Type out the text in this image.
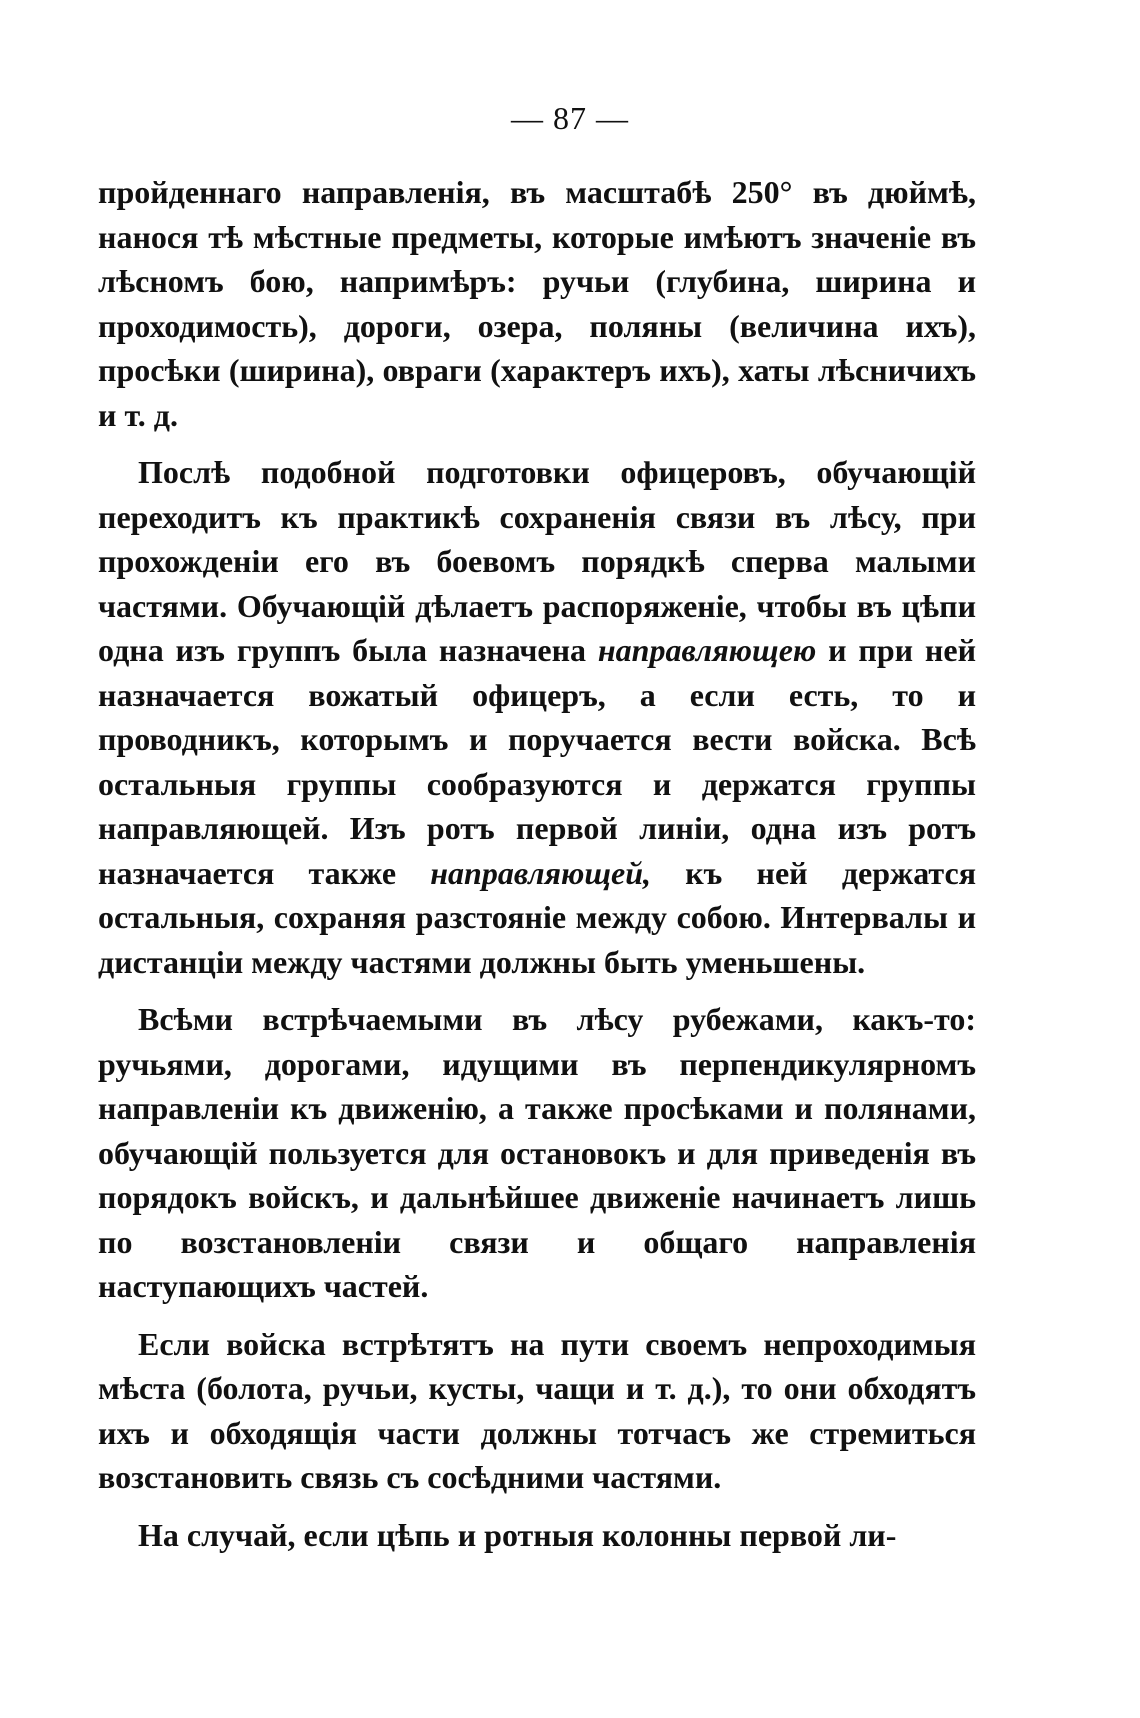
— 87 —

пройденнаго направленія, въ масштабѣ 250° въ дюймѣ, нанося тѣ мѣстные предметы, которые имѣютъ значеніе въ лѣсномъ бою, напримѣръ: ручьи (глубина, ширина и проходимость), дороги, озера, поляны (величина ихъ), просѣки (ширина), овраги (характеръ ихъ), хаты лѣсничихъ и т. д.

Послѣ подобной подготовки офицеровъ, обучающій переходитъ къ практикѣ сохраненія связи въ лѣсу, при прохожденіи его въ боевомъ порядкѣ сперва малыми частями. Обучающій дѣлаетъ распоряженіе, чтобы въ цѣпи одна изъ группъ была назначена направляющею и при ней назначается вожатый офицеръ, а если есть, то и проводникъ, которымъ и поручается вести войска. Всѣ остальныя группы сообразуются и держатся группы направляющей. Изъ ротъ первой линіи, одна изъ ротъ назначается также направляющей, къ ней держатся остальныя, сохраняя разстояніе между собою. Интервалы и дистанціи между частями должны быть уменьшены.

Всѣми встрѣчаемыми въ лѣсу рубежами, какъ-то: ручьями, дорогами, идущими въ перпендикулярномъ направленіи къ движенію, а также просѣками и полянами, обучающій пользуется для остановокъ и для приведенія въ порядокъ войскъ, и дальнѣйшее движеніе начинаетъ лишь по возстановленіи связи и общаго направленія наступающихъ частей.

Если войска встрѣтятъ на пути своемъ непроходимыя мѣста (болота, ручьи, кусты, чащи и т. д.), то они обходятъ ихъ и обходящія части должны тотчасъ же стремиться возстановить связь съ сосѣдними частями.

На случай, если цѣпь и ротныя колонны первой ли-
